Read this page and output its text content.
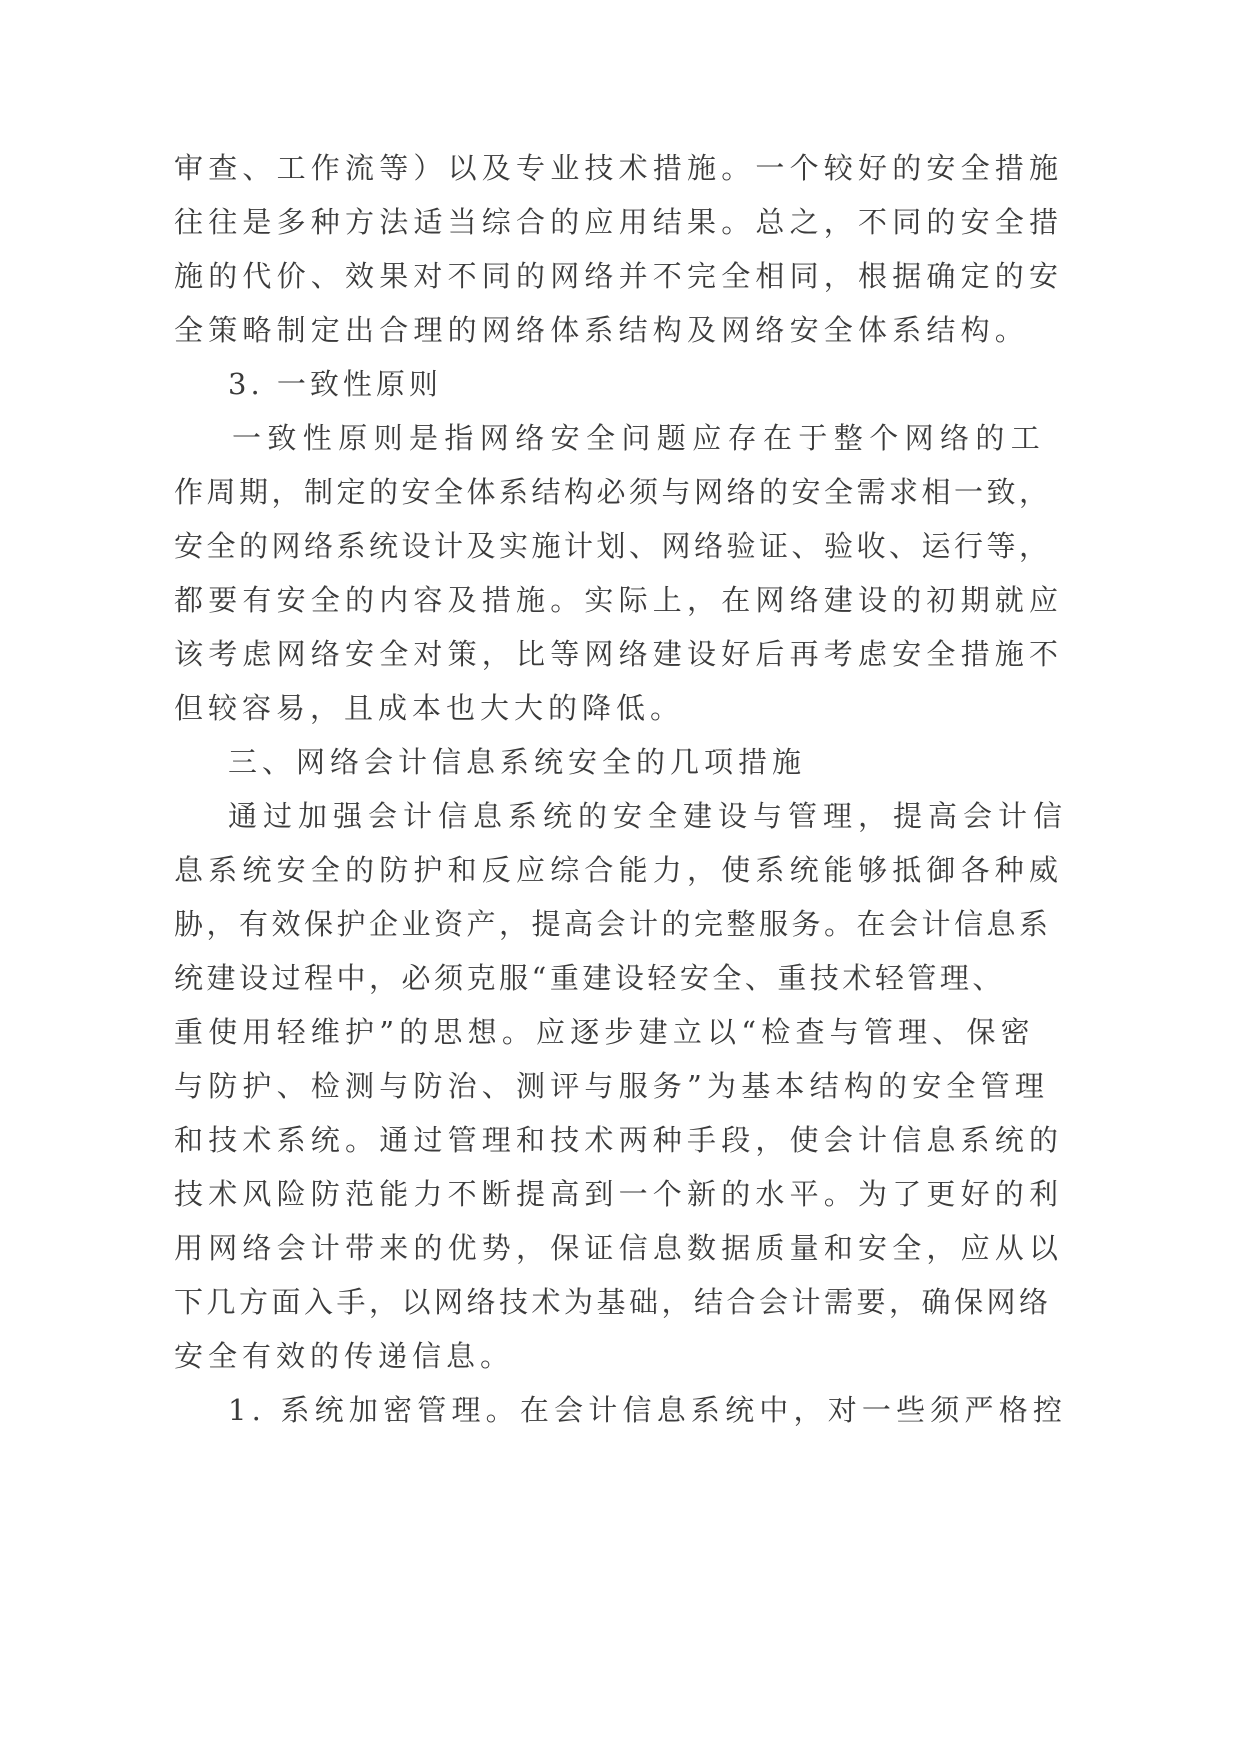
审查、工作流等）以及专业技术措施。一个较好的安全措施
往往是多种方法适当综合的应用结果。总之，不同的安全措
施的代价、效果对不同的网络并不完全相同，根据确定的安
全策略制定出合理的网络体系结构及网络安全体系结构。
3. 一致性原则
一致性原则是指网络安全问题应存在于整个网络的工
作周期，制定的安全体系结构必须与网络的安全需求相一致，
安全的网络系统设计及实施计划、网络验证、验收、运行等，
都要有安全的内容及措施。实际上，在网络建设的初期就应
该考虑网络安全对策，比等网络建设好后再考虑安全措施不
但较容易，且成本也大大的降低。
三、网络会计信息系统安全的几项措施
通过加强会计信息系统的安全建设与管理，提高会计信
息系统安全的防护和反应综合能力，使系统能够抵御各种威
胁，有效保护企业资产，提高会计的完整服务。在会计信息系
统建设过程中，必须克服“重建设轻安全、重技术轻管理、
重使用轻维护”的思想。应逐步建立以“检查与管理、保密
与防护、检测与防治、测评与服务”为基本结构的安全管理
和技术系统。通过管理和技术两种手段，使会计信息系统的
技术风险防范能力不断提高到一个新的水平。为了更好的利
用网络会计带来的优势，保证信息数据质量和安全，应从以
下几方面入手，以网络技术为基础，结合会计需要，确保网络
安全有效的传递信息。
1. 系统加密管理。在会计信息系统中，对一些须严格控
